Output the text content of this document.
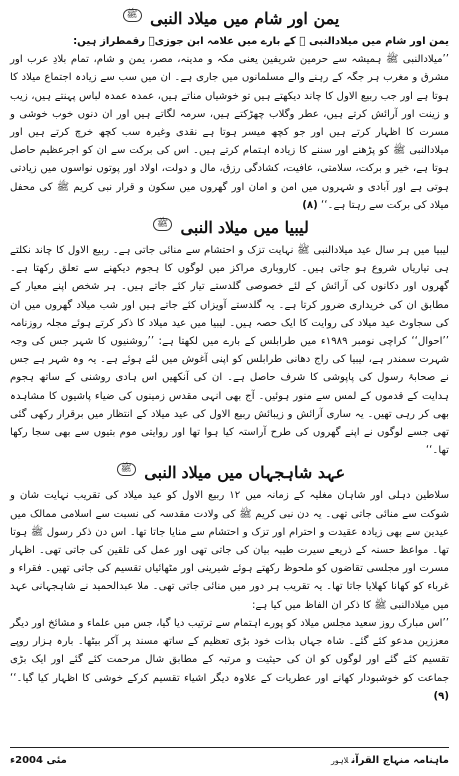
یمن اور شام میں میلادالنبی ﷺ

یمن اور شام میں میلادالنبی ﷺ کے بارے میں علامہ ابن جوزیؒ رقمطراز ہیں:

’’میلادالنبی ﷺ ہمیشہ سے حرمین شریفین یعنی مکہ و مدینہ، مصر، یمن و شام، تمام بلادِ عرب اور مشرق و مغرب ہر جگہ کے رہنے والے مسلمانوں میں جاری ہے۔ ان میں سب سے زیادہ اجتماع میلاد کا ہوتا ہے اور جب ربیع الاول کا چاند دیکھتے ہیں تو خوشیاں مناتے ہیں، عمدہ عمدہ لباس پہنتے ہیں، زیب و زینت اور آرائش کرتے ہیں، عطر وگلاب چھڑکتے ہیں، سرمہ لگاتے ہیں اور ان دنوں خوب خوشی و مسرت کا اظہار کرتے ہیں اور جو کچھ میسر ہوتا ہے نقدی وغیرہ سب کچھ خرچ کرتے ہیں اور میلادالنبی ﷺ کو پڑھنے اور سننے کا زیادہ اہتمام کرتے ہیں۔ اس کی برکت سے ان کو اجرعظیم حاصل ہوتا ہے، خیر و برکت، سلامتی، عافیت، کشادگی رزق، مال و دولت، اولاد اور پوتوں نواسوں میں زیادتی ہوتی ہے اور آبادی و شہروں میں امن و امان اور گھروں میں سکون و قرار نبی کریم ﷺ کی محفل میلاد کی برکت سے رہتا ہے۔‘‘ (۸)

لیبیا میں میلادالنبی ﷺ

لیبیا میں ہر سال عید میلادالنبی ﷺ نہایت تزک و احتشام سے منائی جاتی ہے۔ ربیع الاول کا چاند نکلتے ہی تیاریاں شروع ہو جاتی ہیں۔ کاروباری مراکز میں لوگوں کا ہجوم دیکھنے سے تعلق رکھتا ہے۔ گھروں اور دکانوں کی آرائش کے لئے خصوصی گلدستے تیار کئے جاتے ہیں۔ ہر شخص اپنے معیار کے مطابق ان کی خریداری ضرور کرتا ہے۔ یہ گلدستے آویزاں کئے جاتے ہیں اور شب میلاد گھروں میں ان کی سجاوٹ عید میلاد کی روایت کا ایک حصہ ہیں۔ لیبیا میں عید میلاد کا ذکر کرتے ہوئے مجلہ روزنامہ ’’احوال‘‘ کراچی نومبر ۱۹۸۹ء میں طرابلس کے بارے میں لکھتا ہے: ’’روشنیوں کا شہر جس کی وجہ شہرت سمندر ہے، لیبیا کی راج دھانی طرابلس کو اپنی آغوش میں لئے ہوئے ہے۔ یہ وہ شہر ہے جس نے صحابۂ رسول کی پاپوشی کا شرف حاصل ہے۔ ان کی آنکھیں اس ہادی روشنی کے ساتھ ہجوم ہدایت کے قدموں کے لمس سے منور ہوئیں۔ آج بھی انہی مقدس زمینوں کی ضیاء پاشیوں کا مشاہدہ بھی کر رہی تھیں۔ یہ ساری آرائش و زیبائش ربیع الاول کی عید میلاد کے انتظار میں برقرار رکھی گئی تھی جسے لوگوں نے اپنے گھروں کی طرح آراستہ کیا ہوا تھا اور روایتی موم بتیوں سے بھی سجا رکھا تھا۔‘‘

عہد شاہجہاں میں میلادالنبی ﷺ

سلاطین دہلی اور شاہان مغلیہ کے زمانہ میں ۱۲ ربیع الاول کو عید میلاد کی تقریب نہایت شان و شوکت سے منائی جاتی تھی۔ یہ دن نبی کریم ﷺ کی ولادت مقدسہ کی نسبت سے اسلامی ممالک میں عیدین سے بھی زیادہ عقیدت و احترام اور تزک و احتشام سے منایا جاتا تھا۔ اس دن ذکر رسول ﷺ ہوتا تھا۔ مواعظ حسنہ کے ذریعے سیرت طیبہ بیان کی جاتی تھی اور عمل کی تلقین کی جاتی تھی۔ اظہار مسرت اور مجلسی تقاضوں کو ملحوظ رکھتے ہوئے شیرینی اور مٹھائیاں تقسیم کی جاتی تھیں۔ فقراء و غرباء کو کھانا کھلایا جاتا تھا۔ یہ تقریب ہر دور میں منائی جاتی تھی۔ ملا عبدالحمید نے شاہجہانی عہد میں میلادالنبی ﷺ کا ذکر ان الفاظ میں کیا ہے:

’’اس مبارک روز سعید مجلس میلاد کو پورے اہتمام سے ترتیب دیا گیا، جس میں علماء و مشائخ اور دیگر معززین مدعو کئے گئے۔ شاہ جہاں بذات خود بڑی تعظیم کے ساتھ مسند پر آکر بیٹھا۔ بارہ ہزار روپے تقسیم کئے گئے اور لوگوں کو ان کی حیثیت و مرتبہ کے مطابق شال مرحمت کئے گئے اور ایک بڑی جماعت کو خوشبودار کھانے اور عطریات کے علاوہ دیگر اشیاء تقسیم کرکے خوشی کا اظہار کیا گیا۔‘‘ (۹)

ماہنامہ منہاج القرآنلاہور
مئی 2004ء
